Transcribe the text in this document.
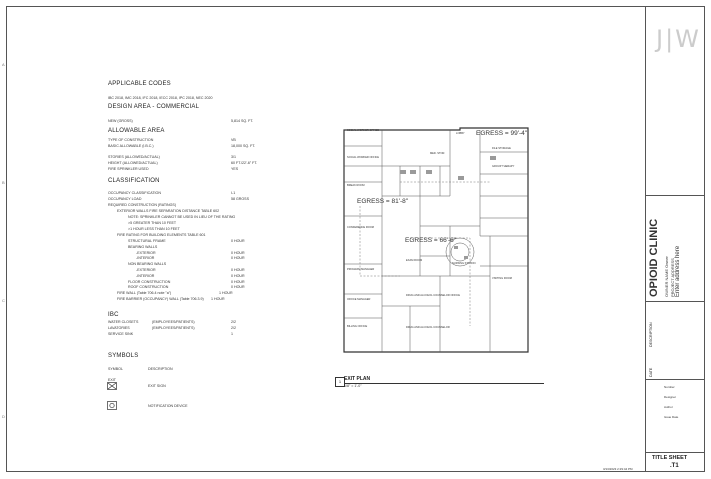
A
B
C
D
APPLICABLE CODES
IBC 2018, IMC 2018, IFC 2018, IECC 2018, IPC 2018, NEC 2020
DESIGN AREA - COMMERCIAL
NEW (GROSS)	5,814 SQ. FT.
ALLOWABLE AREA
TYPE OF CONSTRUCTION	VB
BASIC ALLOWABLE (I.B.C.)	18,000 SQ. FT.
STORIES (ALLOWED/ACTUAL)	3/1
HEIGHT (ALLOWED/ACTUAL)	60 FT./22'-6" FT.
FIRE SPRINKLER USED	YES
CLASSIFICATION
OCCUPANCY CLASSIFICATION	I-1
OCCUPANCY LOAD	58 GROSS
REQUIRED CONSTRUCTION (RATINGS)
EXTERIOR WALLS FIRE SEPARATION DISTANCE TABLE 602
NOTE: SPRINKLER CANNOT BE USED IN LIEU OF THE RATING
>5 GREATER THAN 10 FEET
>1 HOUR LESS THAN 10 FEET
FIRE RATING FOR BUILDING ELEMENTS TABLE 601
STRUCTURAL FRAME	0 HOUR
BEARING WALLS
-EXTERIOR	0 HOUR
-INTERIOR	0 HOUR
NON BEARING WALLS
-EXTERIOR	0 HOUR
-INTERIOR	0 HOUR
FLOOR CONSTRUCTION	0 HOUR
ROOF CONSTRUCTION	0 HOUR
FIRE WALL (Table 706.4 note "a")	1 HOUR
FIRE BARRIER (OCCUPANCY) WALL (Table 706.3.9) 1 HOUR
IBC
WATER CLOSETS	(EMPLOYEES/PATIENTS)	2/2
LAVATORIES	(EMPLOYEES/PATIENTS)	2/2
SERVICE SINK	1
SYMBOLS
SYMBOL	DESCRIPTION
EXIT
EXIT SIGN
NOTIFICATION DEVICE
SOCIAL WORKER OFFICE
SOCIAL WORKER OFFICE
BREAK ROOM
CONFERENCE ROOM
PROGRAM MANAGER
OFFICE MANAGER
BILLING OFFICE
DRUG AND ALCOHOL COUNSELOR OFFICE
DRUG AND ALCOHOL COUNSELOR
EXAM ROOM
NURSING STATION
FILE STORAGE
GROUP THERAPY
LOBBY
MED. STOR.
VISITING ROOM
EGRESS = 99'-4"
EGRESS = 81'-8"
EGRESS = 66'-6"
1 EXIT PLAN
1/8" = 1'-0"
J|W
OPIOID CLINIC OWNER NAME Owner PROJECT ADDRESS Enter address here
DESCRIPTION
DATE
Number
Designer
Author
Issue Date
TITLE SHEET
.T1
3/13/2023 2:29:44 PM
